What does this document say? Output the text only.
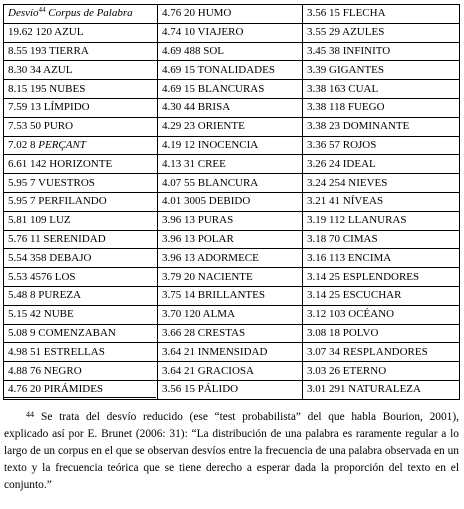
Desvío$^{44}$ Corpus de Palabra	4.76 20 HUMO	3.56 15 FLECHA
19.62 120 AZUL	4.74 10 VIAJERO	3.55 29 AZULES
8.55 193 TIERRA	4.69 488 SOL	3.45 38 INFINITO
8.30 34 AZUL	4.69 15 TONALIDADES	3.39 GIGANTES
8.15 195 NUBES	4.69 15 BLANCURAS	3.38 163 CUAL
7.59 13 LÍMPIDO	4.30 44 BRISA	3.38 118 FUEGO
7.53 50 PURO	4.29 23 ORIENTE	3.38 23 DOMINANTE
7.02 8 PERÇANT	4.19 12 INOCENCIA	3.36 57 ROJOS
6.61 142 HORIZONTE	4.13 31 CREE	3.26 24 IDEAL
5.95 7 VUESTROS	4.07 55 BLANCURA	3.24 254 NIEVES
5.95 7 PERFILANDO	4.01 3005 DEBIDO	3.21 41 NÍVEAS
5.81 109 LUZ	3.96 13 PURAS	3.19 112 LLANURAS
5.76 11 SERENIDAD	3.96 13 POLAR	3.18 70 CIMAS
5.54 358 DEBAJO	3.96 13 ADORMECE	3.16 113 ENCIMA
5.53 4576 LOS	3.79 20 NACIENTE	3.14 25 ESPLENDORES
5.48 8 PUREZA	3.75 14 BRILLANTES	3.14 25 ESCUCHAR
5.15 42 NUBE	3.70 120 ALMA	3.12 103 OCÉANO
5.08 9 COMENZABAN	3.66 28 CRESTAS	3.08 18 POLVO
4.98 51 ESTRELLAS	3.64 21 INMENSIDAD	3.07 34 RESPLANDORES
4.88 76 NEGRO	3.64 21 GRACIOSA	3.03 26 ETERNO
4.76 20 PIRÁMIDES	3.56 15 PÁLIDO	3.01 291 NATURALEZA
44 Se trata del desvío reducido (ese “test probabilista” del que habla Bourion, 2001), explicado así por E. Brunet (2006: 31): “La distribución de una palabra es raramente regular a lo largo de un corpus en el que se observan desvíos entre la frecuencia de una palabra observada en un texto y la frecuencia teórica que se tiene derecho a esperar dada la proporción del texto en el conjunto.”
